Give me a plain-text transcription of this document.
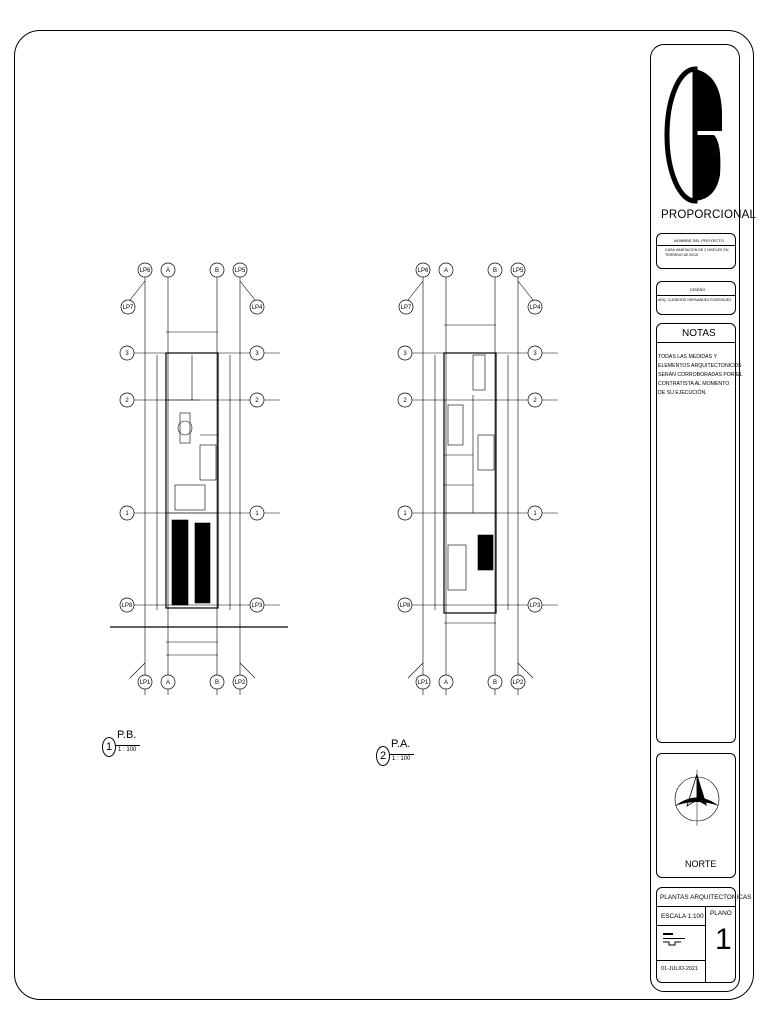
LP6	A	B	LP5
LP7	LP4
3	3
2	2
1	1
LP8	LP3
LP1	A	B	LP2
LP6	A	B	LP5
LP7	LP4
3	3
2	2
1	1
LP8	LP3
LP1	A	B	LP2
1
P.B.
1 : 100	2
P.A.
1 : 100
PROPORCIONAL
NOMBRE DEL PROYECTO
CASA HABITACION DE 2 NIVELES EN
TERRENO DE 8X15
DISEÑO
ARQ. CLEMENTE HERNANDEZ RODRIGUEZ
NOTAS
TODAS LAS MEDIDAS Y
ELEMENTOS ARQUITECTONICOS
SERÁN CORROBORADAS POR EL
CONTRATISTA AL MOMENTO
DE SU EJECUCIÓN.
NORTE
PLANTAS ARQUITECTONICAS
ESCALA 1:100 PLANO
1
01-JULIO-2021
